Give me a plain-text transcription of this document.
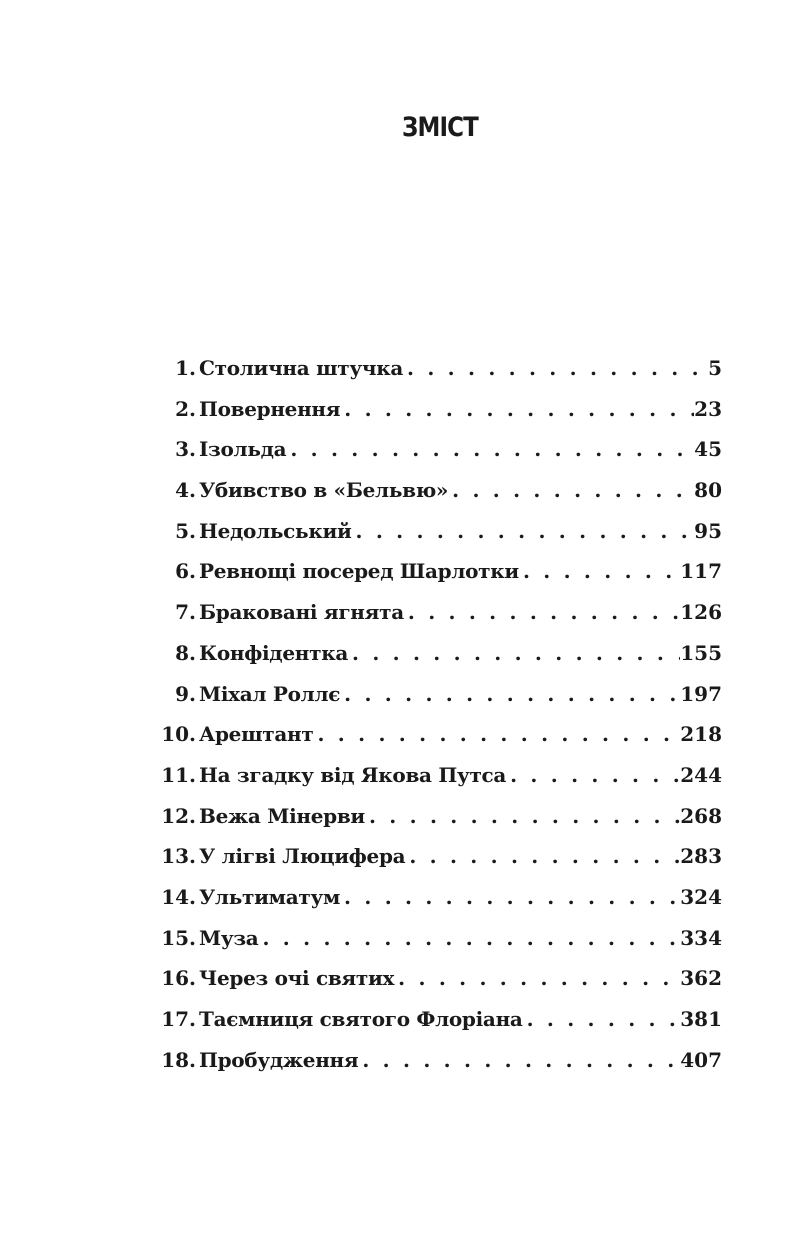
ЗМІСТ
1. Столична штучка . . .	5
2. Повернення . . .	23
3. Ізольда . . .	45
4. Убивство в «Бельвю» . . .	80
5. Недольський . . .	95
6. Ревнощі посеред Шарлотки . . .	117
7. Браковані ягнята . . .	126
8. Конфідентка . . .	155
9. Міхал Роллє . . .	197
10. Арештант . . .	218
11. На згадку від Якова Путса . . .	244
12. Вежа Мінерви . . .	268
13. У лігві Люцифера . . .	283
14. Ультиматум . . .	324
15. Муза . . .	334
16. Через очі святих . . .	362
17. Таємниця святого Флоріана . . .	381
18. Пробудження . . .	407
